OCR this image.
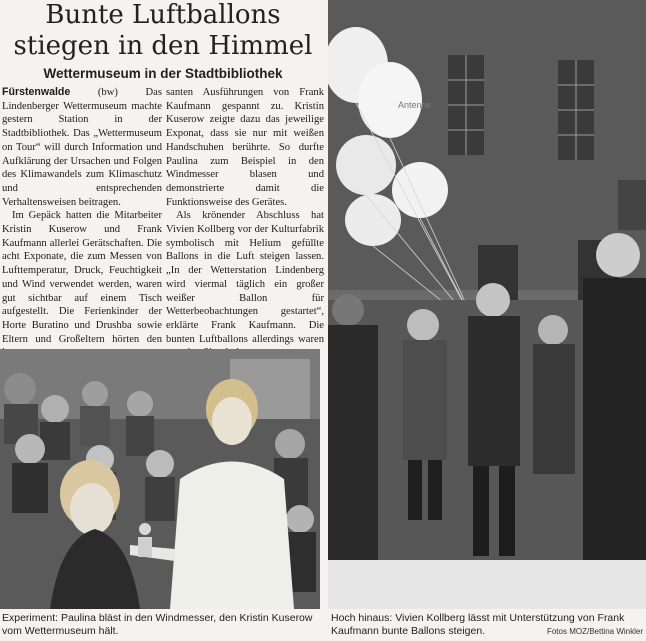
Bunte Luftballons
stiegen in den Himmel
Wettermuseum in der Stadtbibliothek

Fürstenwalde	(bw) Das Lindenberger Wettermuseum machte gestern Station in der Stadtbibliothek. Das „Wettermuseum on Tour“ will durch Information und Aufklärung der Ursachen und Folgen des Klimawandels zum Klimaschutz und entsprechenden Verhaltensweisen beitragen.

Im Gepäck hatten die Mitarbeiter Kristin Kuserow und Frank Kaufmann allerlei Gerätschaften. Die acht Exponate, die zum Messen von Lufttemperatur, Druck, Feuchtigkeit und Wind verwendet werden, waren gut sichtbar auf einem Tisch aufgestellt. Die Ferienkinder der Horte Buratino und Drushba sowie Eltern und Großeltern hörten den

santen Ausführungen von Frank Kaufmann gespannt zu. Kristin Kuserow zeigte dazu das jeweilige Exponat, dass sie nur mit weißen Handschuhen berührte. So durfte Paulina zum Beispiel in den Windmesser blasen und demonstrierte damit die Funktionsweise des Gerätes.

Als krönender Abschluss hat Vivien Kollberg vor der Kulturfabrik symbolisch mit Helium gefüllte Ballons in die Luft steigen lassen. „In der Wetterstation Lindenberg wird viermal täglich ein großer weißer Ballon für Wetterbeobachtungen gestartet“, erklärte Frank Kaufmann. Die bunten Luftballons allerdings waren

Antenne
Experiment: Paulina bläst in den Windmesser, den Kristin Kuserow vom Wettermuseum hält.
Hoch hinaus: Vivien Kollberg lässt mit Unterstützung von Frank Kaufmann bunte Ballons steigen.	Fotos MOZ/Bettina Winkler
